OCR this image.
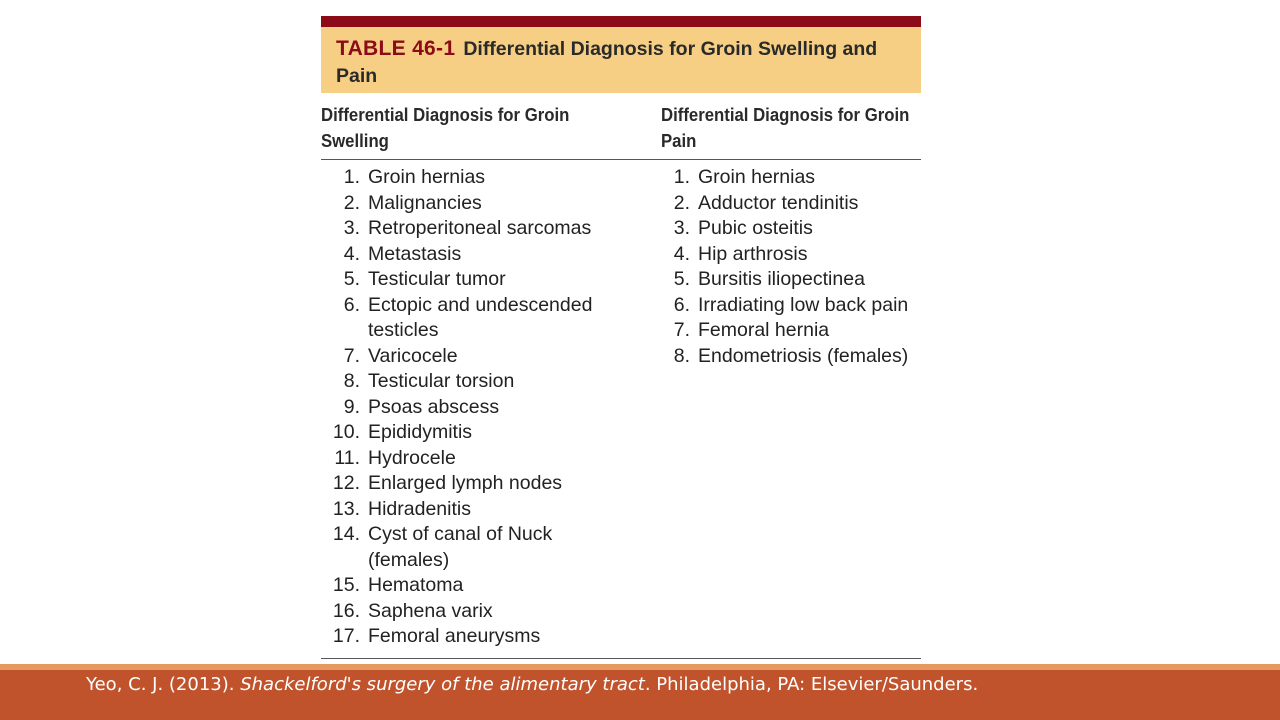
TABLE 46-1 Differential Diagnosis for Groin Swelling and Pain
Differential Diagnosis for Groin Swelling
Differential Diagnosis for Groin Pain
1. Groin hernias
2. Malignancies
3. Retroperitoneal sarcomas
4. Metastasis
5. Testicular tumor
6. Ectopic and undescended testicles
7. Varicocele
8. Testicular torsion
9. Psoas abscess
10. Epididymitis
11. Hydrocele
12. Enlarged lymph nodes
13. Hidradenitis
14. Cyst of canal of Nuck (females)
15. Hematoma
16. Saphena varix
17. Femoral aneurysms
1. Groin hernias
2. Adductor tendinitis
3. Pubic osteitis
4. Hip arthrosis
5. Bursitis iliopectinea
6. Irradiating low back pain
7. Femoral hernia
8. Endometriosis (females)
Yeo, C. J. (2013). Shackelford's surgery of the alimentary tract. Philadelphia, PA: Elsevier/Saunders.
